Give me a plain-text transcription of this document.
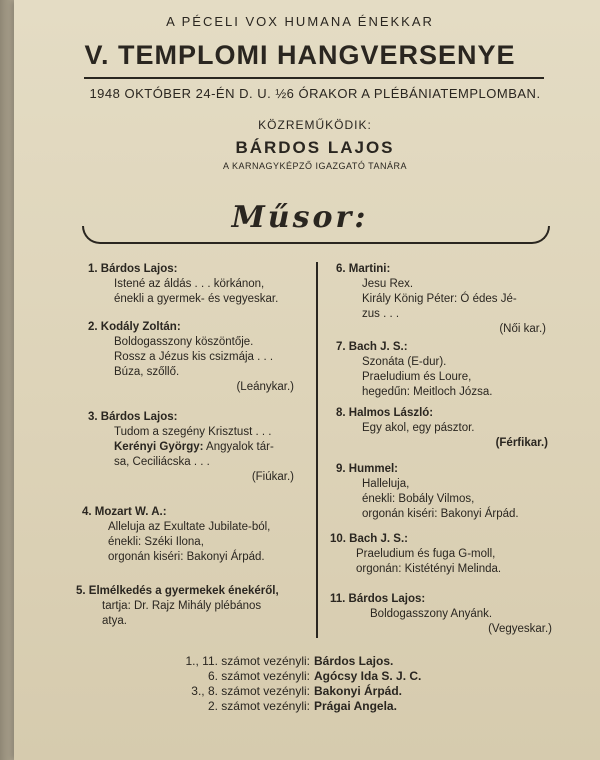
A PÉCELI VOX HUMANA ÉNEKKAR
V. TEMPLOMI HANGVERSENYE
1948 OKTÓBER 24-ÉN D. U. ½6 ÓRAKOR A PLÉBÁNIATEMPLOMBAN.
KÖZREMŰKÖDIK:
BÁRDOS LAJOS
A KARNAGYKÉPZŐ IGAZGATÓ TANÁRA
Műsor:
1. Bárdos Lajos:
Istené az áldás . . . körkánon,
énekli a gyermek- és vegyeskar.
2. Kodály Zoltán:
Boldogasszony köszöntője.
Rossz a Jézus kis csizmája . . .
Búza, szőllő.
(Leánykar.)
3. Bárdos Lajos:
Tudom a szegény Krisztust . . .
Kerényi György: Angyalok tár-
sa, Ceciliácska . . .
(Fiúkar.)
4. Mozart W. A.:
Alleluja az Exultate Jubilate-ból,
énekli: Széki Ilona,
orgonán kiséri: Bakonyi Árpád.
5. Elmélkedés a gyermekek énekéről,
tartja: Dr. Rajz Mihály plébános
atya.
6. Martini:
Jesu Rex.
Király König Péter: Ó édes Jé-
zus . . .
(Női kar.)
7. Bach J. S.:
Szonáta (E-dur).
Praeludium és Loure,
hegedűn: Meitloch Józsa.
8. Halmos László:
Egy akol, egy pásztor.
(Férfikar.)
9. Hummel:
Halleluja,
énekli: Bobály Vilmos,
orgonán kiséri: Bakonyi Árpád.
10. Bach J. S.:
Praeludium és fuga G-moll,
orgonán: Kistétényi Melinda.
11. Bárdos Lajos:
Boldogasszony Anyánk.
(Vegyeskar.)
1., 11. számot vezényli: Bárdos Lajos.
6. számot vezényli: Agócsy Ida S. J. C.
3., 8. számot vezényli: Bakonyi Árpád.
2. számot vezényli: Prágai Angela.
